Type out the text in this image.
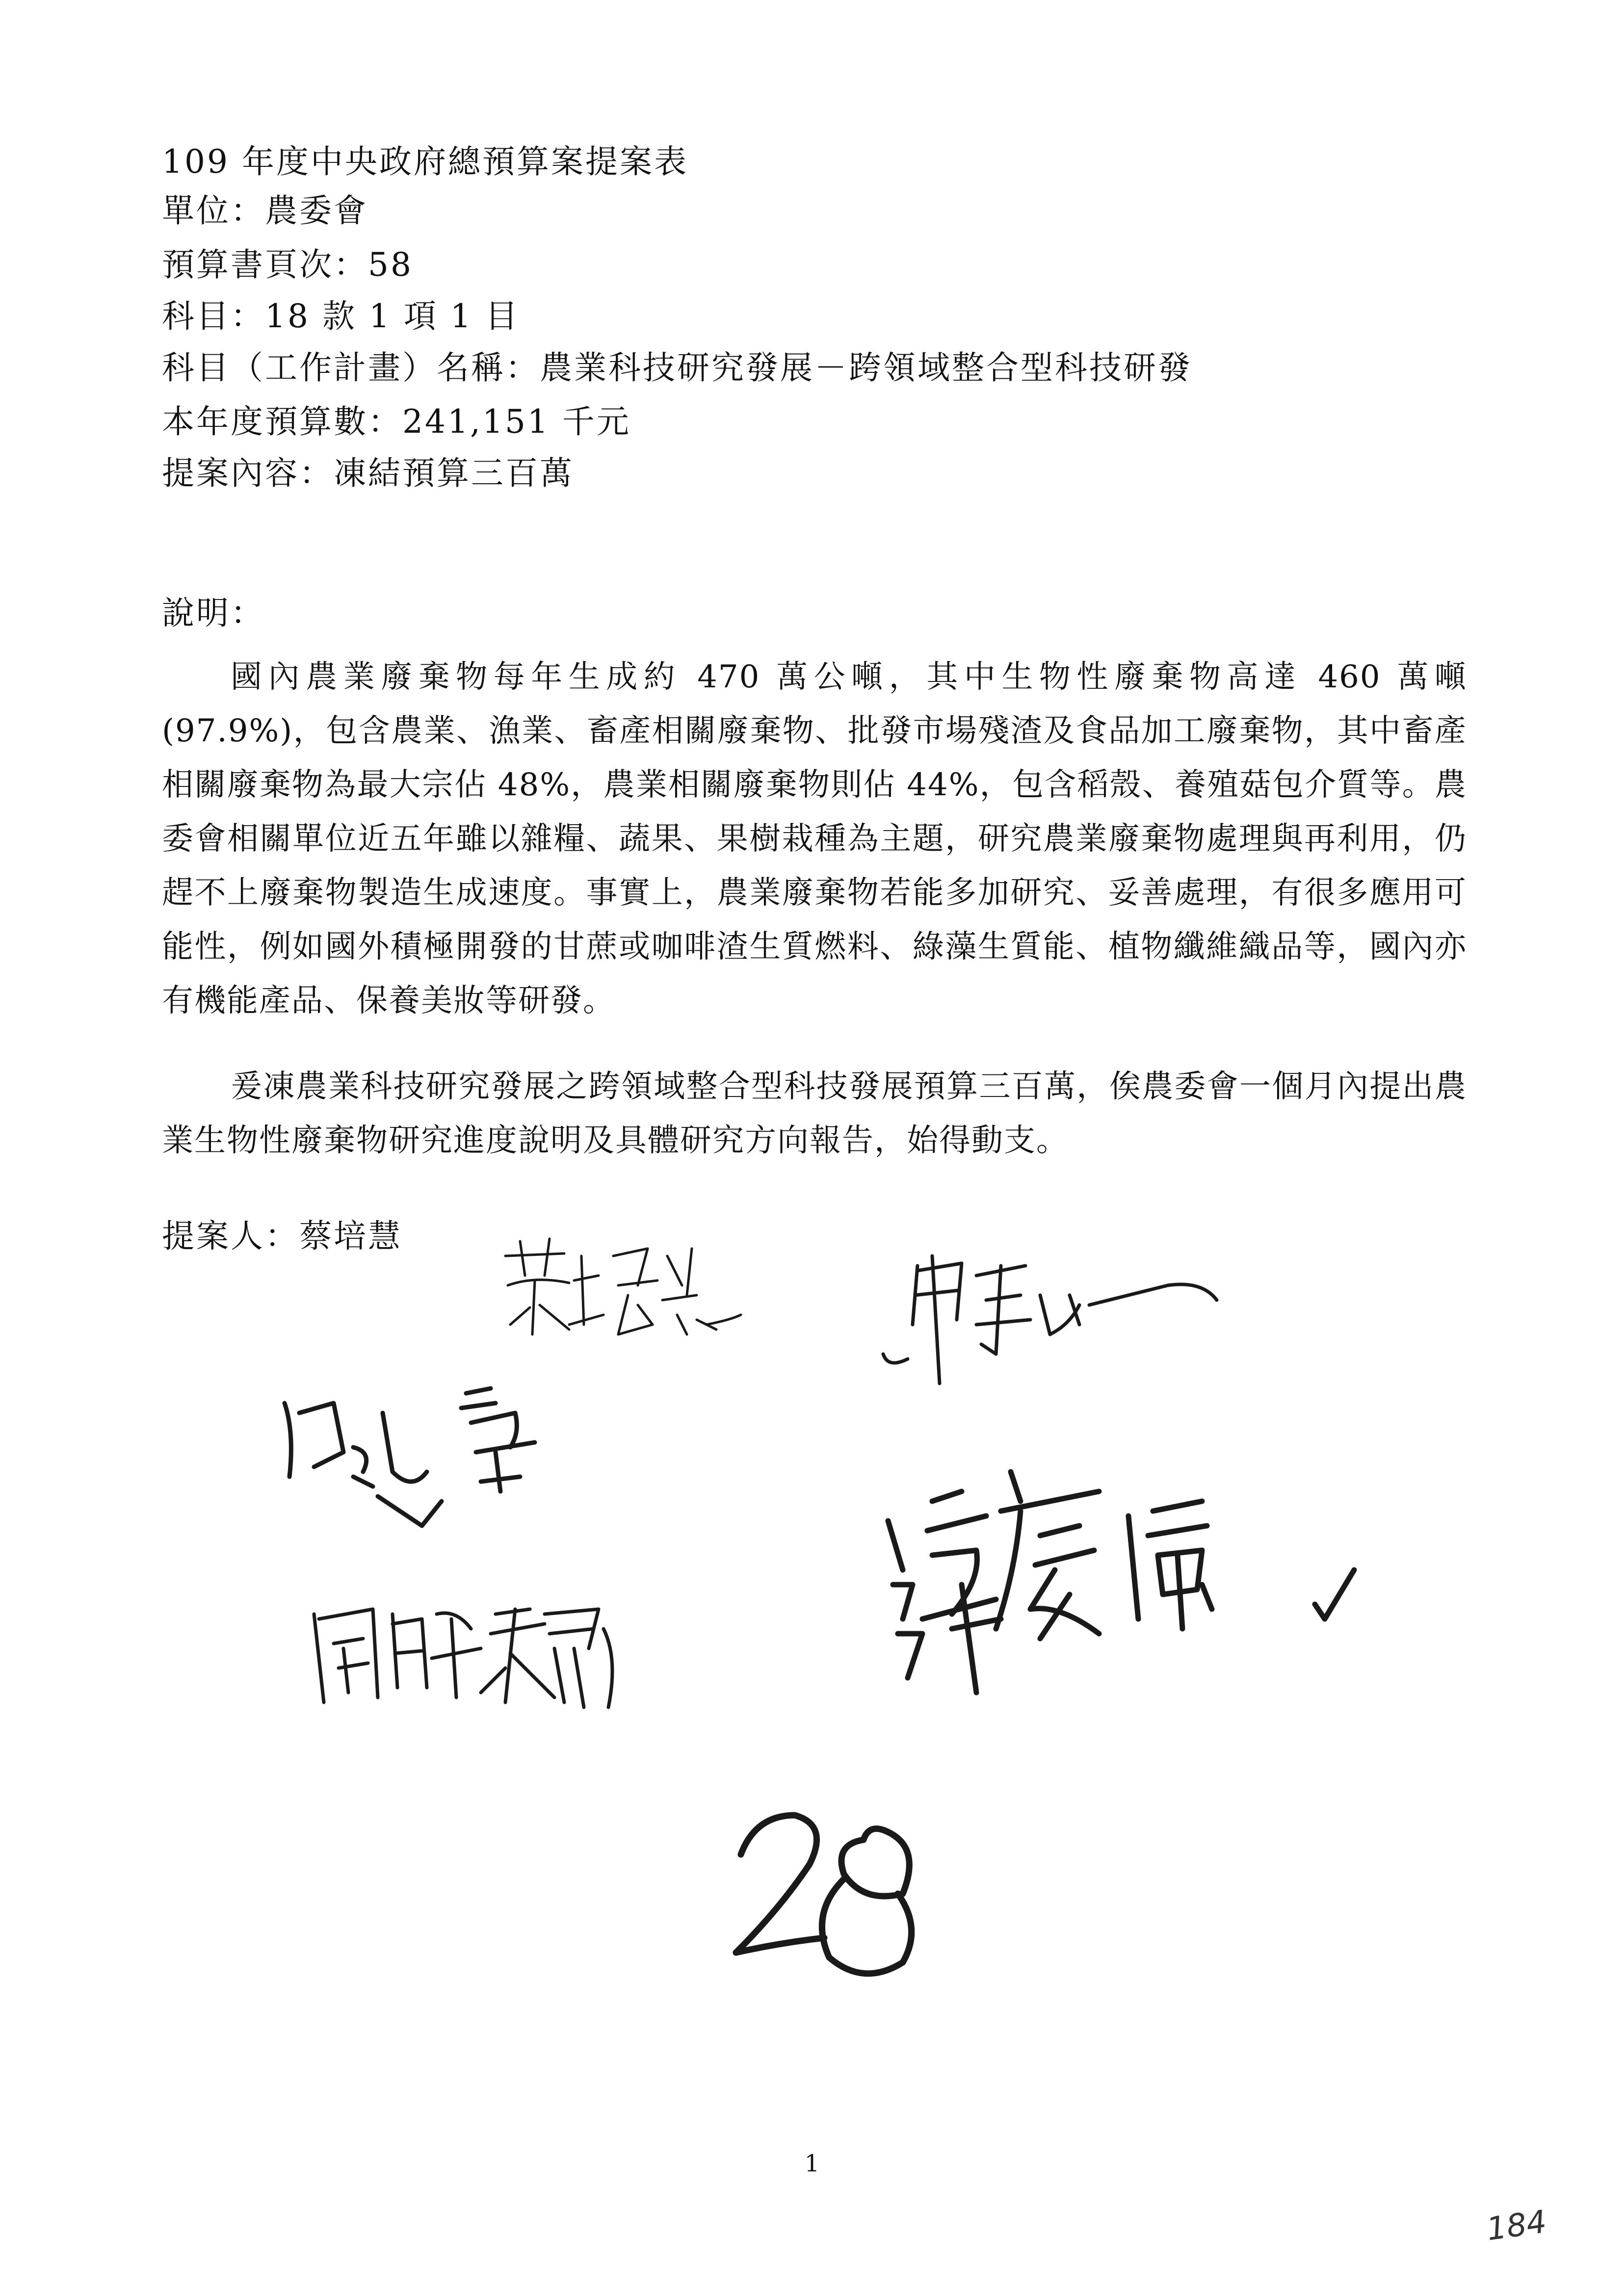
109 年度中央政府總預算案提案表
單位：農委會
預算書頁次：58
科目：18 款 1 項 1 目
科目（工作計畫）名稱：農業科技研究發展－跨領域整合型科技研發
本年度預算數：241,151 千元
提案內容：凍結預算三百萬
說明：

國內農業廢棄物每年生成約 470 萬公噸，其中生物性廢棄物高達 460 萬噸(97.9%)，包含農業、漁業、畜產相關廢棄物、批發市場殘渣及食品加工廢棄物，其中畜產相關廢棄物為最大宗佔 48%，農業相關廢棄物則佔 44%，包含稻殼、養殖菇包介質等。農委會相關單位近五年雖以雜糧、蔬果、果樹栽種為主題，研究農業廢棄物處理與再利用，仍趕不上廢棄物製造生成速度。事實上，農業廢棄物若能多加研究、妥善處理，有很多應用可能性，例如國外積極開發的甘蔗或咖啡渣生質燃料、綠藻生質能、植物纖維織品等，國內亦有機能產品、保養美妝等研發。

爰凍農業科技研究發展之跨領域整合型科技發展預算三百萬，俟農委會一個月內提出農業生物性廢棄物研究進度說明及具體研究方向報告，始得動支。

提案人：蔡培慧
1
184
